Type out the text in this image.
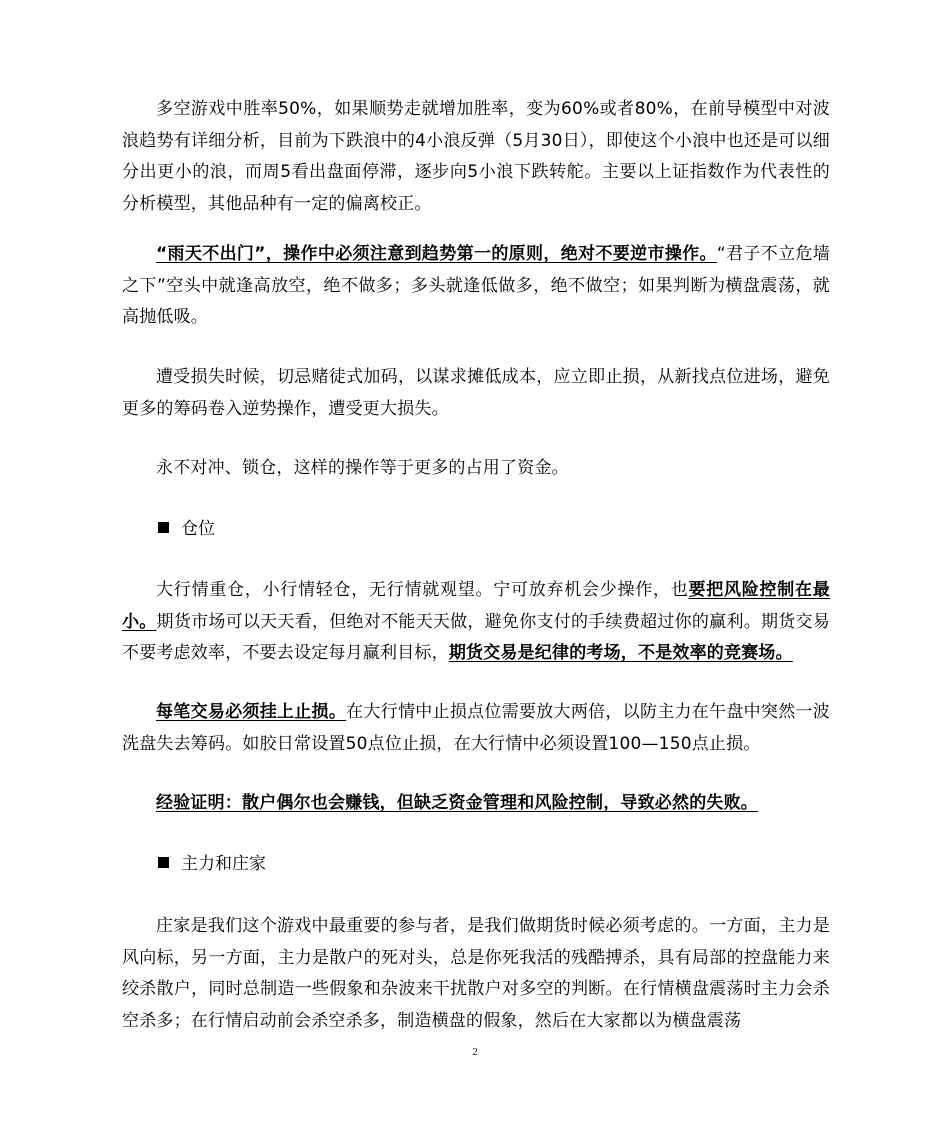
多空游戏中胜率50%，如果顺势走就增加胜率，变为60%或者80%，在前导模型中对波浪趋势有详细分析，目前为下跌浪中的4小浪反弹（5月30日），即使这个小浪中也还是可以细分出更小的浪，而周5看出盘面停滞，逐步向5小浪下跌转舵。主要以上证指数作为代表性的分析模型，其他品种有一定的偏离校正。

“雨天不出门”，操作中必须注意到趋势第一的原则，绝对不要逆市操作。“君子不立危墙之下”空头中就逢高放空，绝不做多；多头就逢低做多，绝不做空；如果判断为横盘震荡，就高抛低吸。

遭受损失时候，切忌赌徒式加码，以谋求摊低成本，应立即止损，从新找点位进场，避免更多的筹码卷入逆势操作，遭受更大损失。

永不对冲、锁仓，这样的操作等于更多的占用了资金。

仓位

大行情重仓，小行情轻仓，无行情就观望。宁可放弃机会少操作，也要把风险控制在最小。期货市场可以天天看，但绝对不能天天做，避免你支付的手续费超过你的赢利。期货交易不要考虑效率，不要去设定每月赢利目标，期货交易是纪律的考场，不是效率的竞赛场。

每笔交易必须挂上止损。在大行情中止损点位需要放大两倍，以防主力在午盘中突然一波洗盘失去筹码。如胶日常设置50点位止损，在大行情中必须设置100—150点止损。

经验证明：散户偶尔也会赚钱，但缺乏资金管理和风险控制，导致必然的失败。

主力和庄家

庄家是我们这个游戏中最重要的参与者，是我们做期货时候必须考虑的。一方面，主力是风向标，另一方面，主力是散户的死对头，总是你死我活的残酷搏杀，具有局部的控盘能力来绞杀散户，同时总制造一些假象和杂波来干扰散户对多空的判断。在行情横盘震荡时主力会杀空杀多；在行情启动前会杀空杀多，制造横盘的假象，然后在大家都以为横盘震荡

2
